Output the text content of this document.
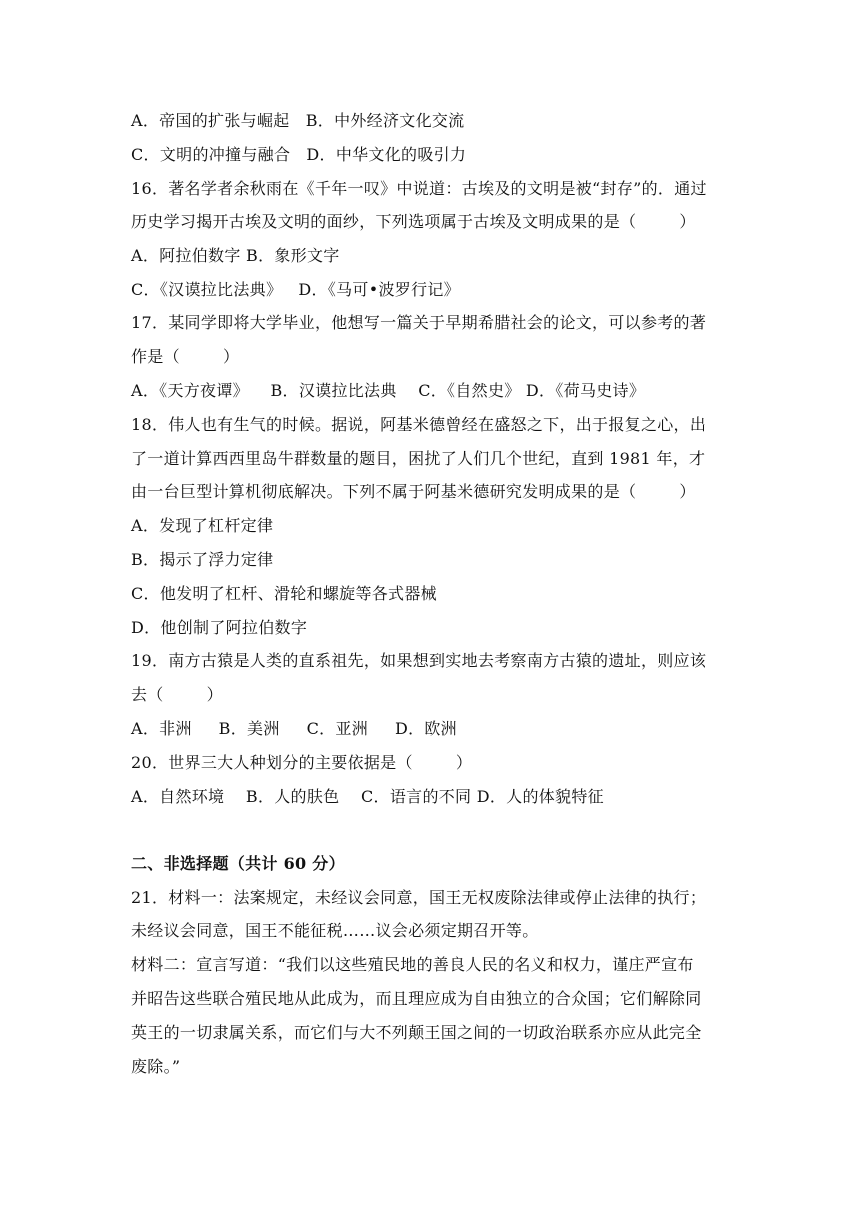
A．帝国的扩张与崛起   B．中外经济文化交流
C．文明的冲撞与融合   D．中华文化的吸引力
16．著名学者余秋雨在《千年一叹》中说道：古埃及的文明是被“封存”的．通过
历史学习揭开古埃及文明的面纱，下列选项属于古埃及文明成果的是（        ）
A．阿拉伯数字 B．象形文字
C．《汉谟拉比法典》   D．《马可•波罗行记》
17．某同学即将大学毕业，他想写一篇关于早期希腊社会的论文，可以参考的著
作是（        ）
A．《天方夜谭》    B．汉谟拉比法典    C．《自然史》 D．《荷马史诗》
18．伟人也有生气的时候。据说，阿基米德曾经在盛怒之下，出于报复之心，出
了一道计算西西里岛牛群数量的题目，困扰了人们几个世纪，直到 1981 年，才
由一台巨型计算机彻底解决。下列不属于阿基米德研究发明成果的是（        ）
A．发现了杠杆定律
B．揭示了浮力定律
C．他发明了杠杆、滑轮和螺旋等各式器械
D．他创制了阿拉伯数字
19．南方古猿是人类的直系祖先，如果想到实地去考察南方古猿的遗址，则应该
去（        ）
A．非洲     B．美洲     C．亚洲     D．欧洲
20．世界三大人种划分的主要依据是（        ）
A．自然环境    B．人的肤色    C．语言的不同 D．人的体貌特征
二、非选择题（共计 60 分）
21．材料一：法案规定，未经议会同意，国王无权废除法律或停止法律的执行；
未经议会同意，国王不能征税……议会必须定期召开等。
材料二：宣言写道：“我们以这些殖民地的善良人民的名义和权力，谨庄严宣布
并昭告这些联合殖民地从此成为，而且理应成为自由独立的合众国；它们解除同
英王的一切隶属关系，而它们与大不列颠王国之间的一切政治联系亦应从此完全
废除。”
